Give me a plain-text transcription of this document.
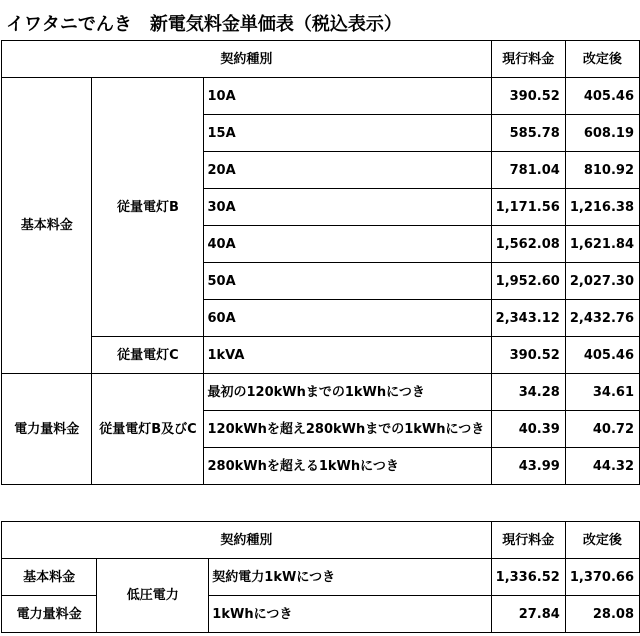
イワタニでんき　新電気料金単価表（税込表示）
契約種別			現行料金	改定後
基本料金	従量電灯B	10A	390.52	405.46
		15A	585.78	608.19
		20A	781.04	810.92
		30A	1,171.56	1,216.38
		40A	1,562.08	1,621.84
		50A	1,952.60	2,027.30
		60A	2,343.12	2,432.76
	従量電灯C	1kVA	390.52	405.46
電力量料金	従量電灯B及びC	最初の120kWhまでの1kWhにつき	34.28	34.61
		120kWhを超え280kWhまでの1kWhにつき	40.39	40.72
		280kWhを超える1kWhにつき	43.99	44.32
契約種別			現行料金	改定後
基本料金	低圧電力	契約電力1kWにつき	1,336.52	1,370.66
電力量料金		1kWhにつき	27.84	28.08
